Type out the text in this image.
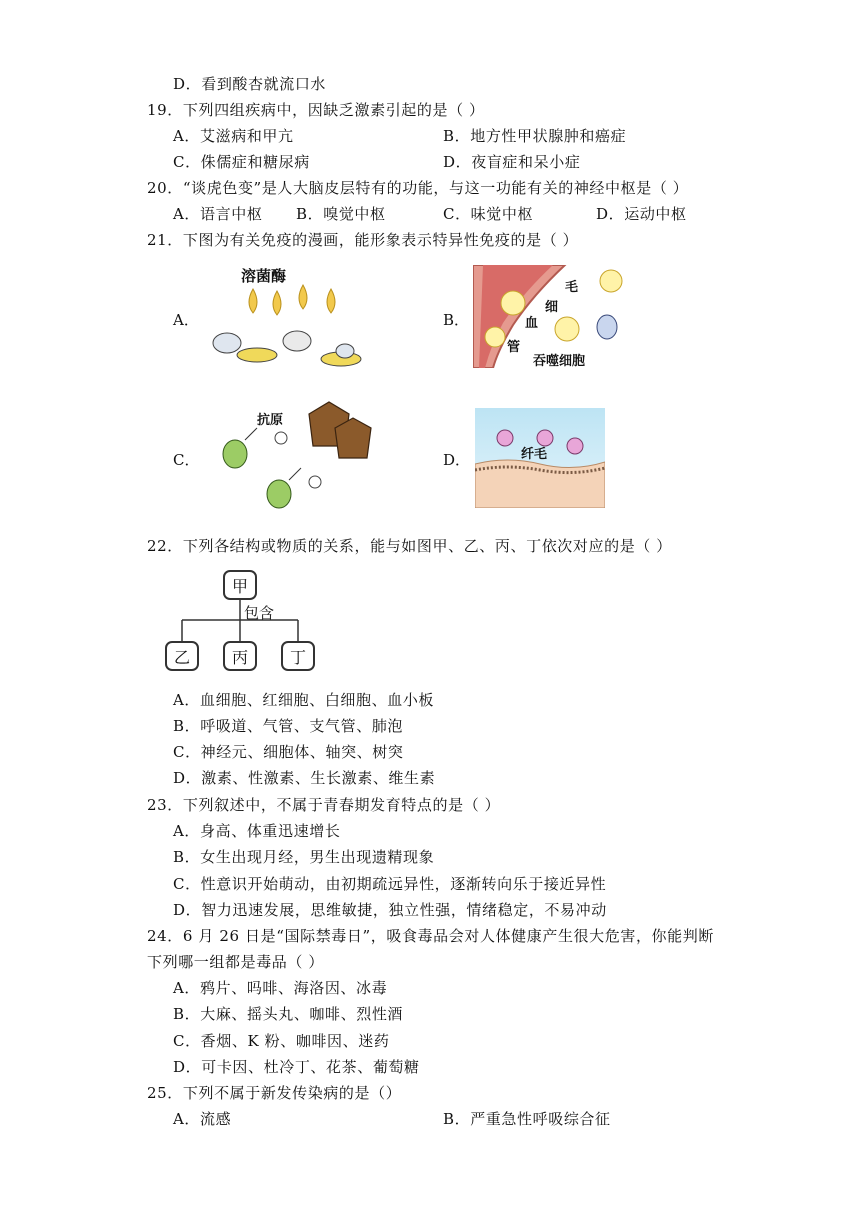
D．看到酸杏就流口水
19．下列四组疾病中，因缺乏激素引起的是（ ）
A．艾滋病和甲亢	B．地方性甲状腺肿和癌症
C．侏儒症和糖尿病	D．夜盲症和呆小症
20．“谈虎色变”是人大脑皮层特有的功能，与这一功能有关的神经中枢是（ ）
A．语言中枢 B．嗅觉中枢	C．味觉中枢	D．运动中枢
21．下图为有关免疫的漫画，能形象表示特异性免疫的是（ ）
A．
溶菌酶
B．
毛
细
血
管
吞噬细胞
C．
抗原
D．	纤毛
22．下列各结构或物质的关系，能与如图甲、乙、丙、丁依次对应的是（ ）
甲
包含
乙	丙	丁
A．血细胞、红细胞、白细胞、血小板
B．呼吸道、气管、支气管、肺泡
C．神经元、细胞体、轴突、树突
D．激素、性激素、生长激素、维生素
23．下列叙述中，不属于青春期发育特点的是（ ）
A．身高、体重迅速增长
B．女生出现月经，男生出现遗精现象
C．性意识开始萌动，由初期疏远异性，逐渐转向乐于接近异性
D．智力迅速发展，思维敏捷，独立性强，情绪稳定，不易冲动
24．6 月 26 日是“国际禁毒日”，吸食毒品会对人体健康产生很大危害，你能判断
下列哪一组都是毒品（ ）
A．鸦片、吗啡、海洛因、冰毒
B．大麻、摇头丸、咖啡、烈性酒
C．香烟、K 粉、咖啡因、迷药
D．可卡因、杜冷丁、花茶、葡萄糖
25．下列不属于新发传染病的是（）
A．流感	B．严重急性呼吸综合征
